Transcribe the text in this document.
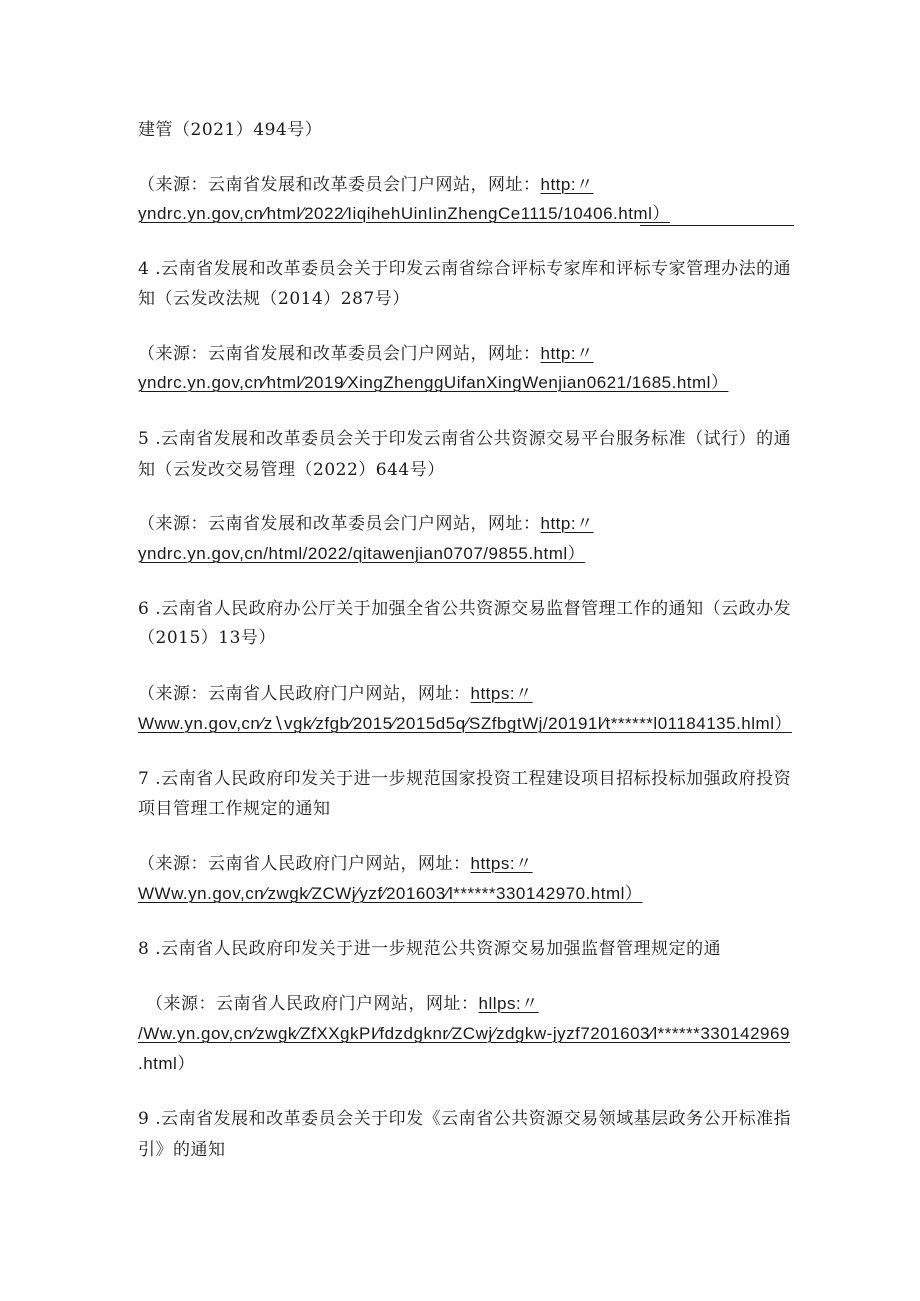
建管（2021）494号）
（来源：云南省发展和改革委员会门户网站，网址：http:〃
yndrc.yn.gov,cn∕html∕2022∕IiqihehUinIinZhengCe1115/10406.html）
4 .云南省发展和改革委员会关于印发云南省综合评标专家库和评标专家管理办法的通
知（云发改法规（2014）287号）
（来源：云南省发展和改革委员会门户网站，网址：http:〃
yndrc.yn.gov,cn∕html∕2019∕XingZhenggUifanXingWenjian0621/1685.html）
5 .云南省发展和改革委员会关于印发云南省公共资源交易平台服务标准（试行）的通
知（云发改交易管理（2022）644号）
（来源：云南省发展和改革委员会门户网站，网址：http:〃
yndrc.yn.gov,cn/html/2022/qitawenjian0707/9855.html）
6 .云南省人民政府办公厅关于加强全省公共资源交易监督管理工作的通知（云政办发
（2015）13号）
（来源：云南省人民政府门户网站，网址：https:〃
Www.yn.gov,cn∕z∖vgk∕zfgb∕2015∕2015d5q∕SZfbgtWj/20191l∕t******l01184135.hlml）
7 .云南省人民政府印发关于进一步规范国家投资工程建设项目招标投标加强政府投资
项目管理工作规定的通知
（来源：云南省人民政府门户网站，网址：https:〃
WWw.yn.gov,cn∕zwgk∕ZCWj∕yzf∕201603∕l******330142970.html）
8 .云南省人民政府印发关于进一步规范公共资源交易加强监督管理规定的通
（来源：云南省人民政府门户网站，网址：hllps:〃
/Ww.yn.gov,cn∕zwgk∕ZfXXgkPI∕fdzdgknr∕ZCwj∕zdgkw-jyzf7201603∕l******330142969
.html）
9 .云南省发展和改革委员会关于印发《云南省公共资源交易领域基层政务公开标准指
引》的通知
